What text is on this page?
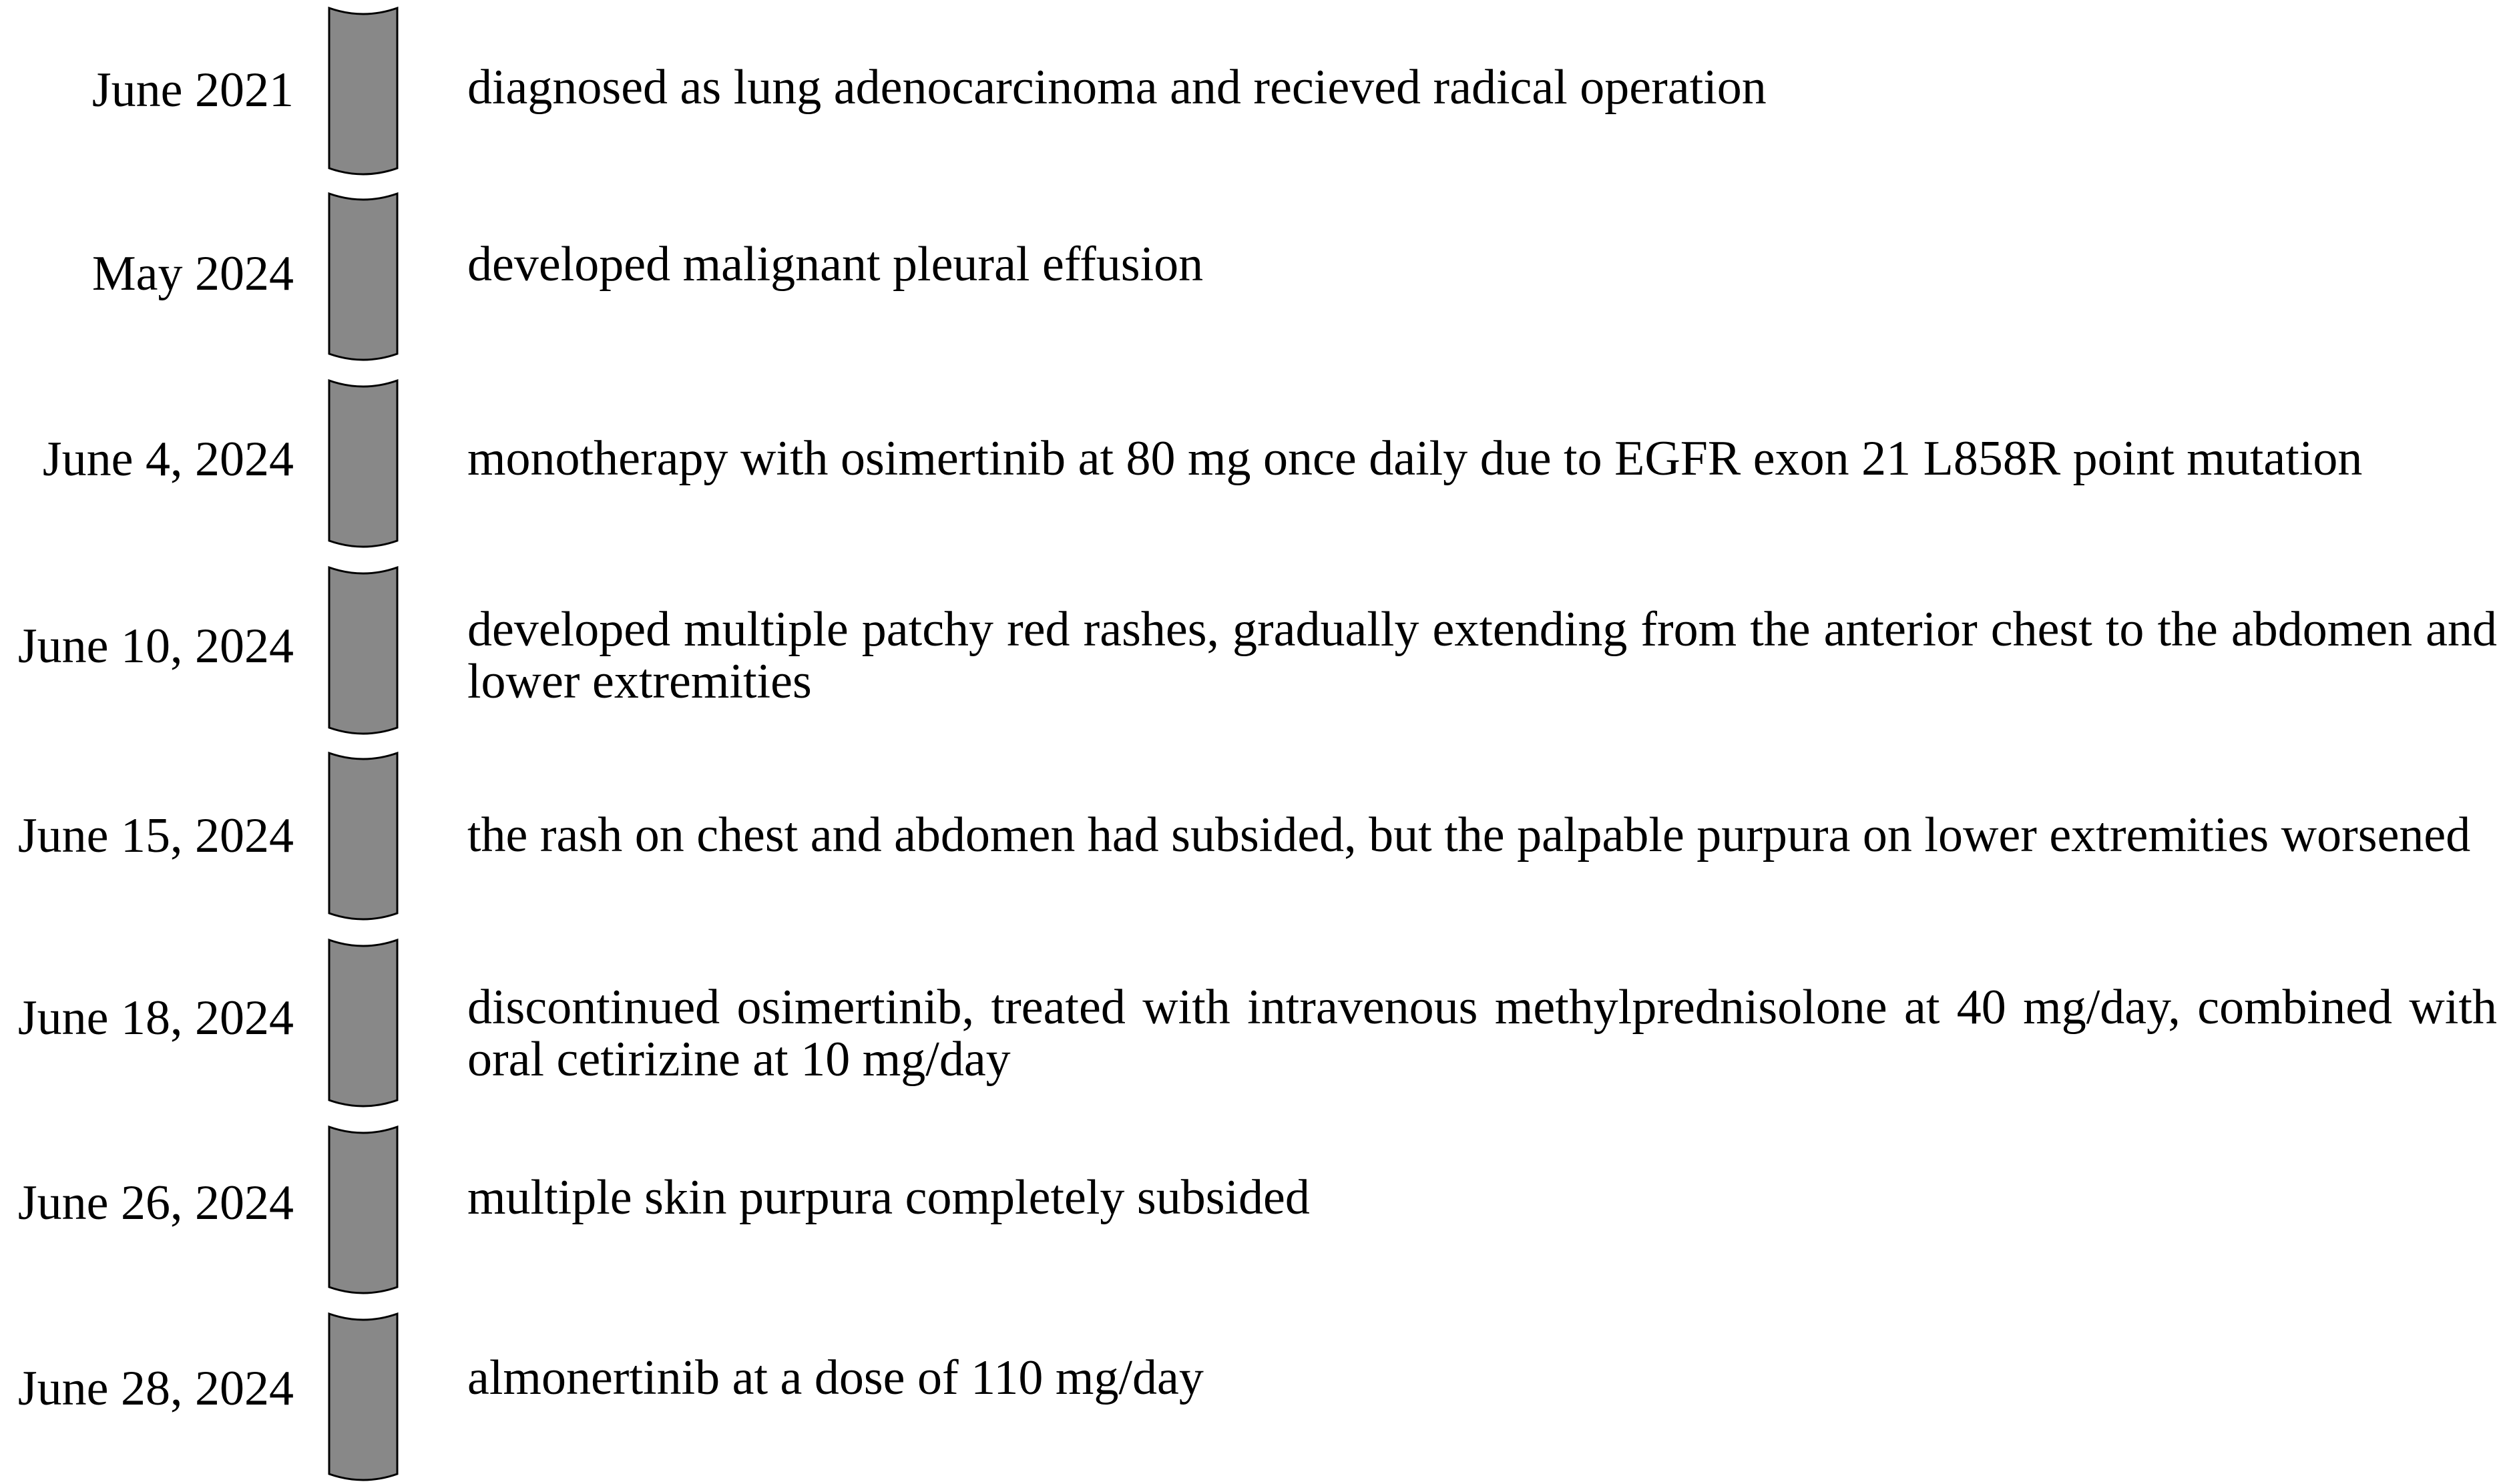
June 2021	diagnosed as lung adenocarcinoma and recieved radical operation
May 2024	developed malignant pleural effusion
June 4, 2024	monotherapy with osimertinib at 80 mg once daily due to EGFR exon 21 L858R point mutation
June 10, 2024	developed multiple patchy red rashes, gradually extending from the anterior chest to the abdomen and lower extremities
June 15, 2024	the rash on chest and abdomen had subsided, but the palpable purpura on lower extremities worsened
June 18, 2024	discontinued osimertinib, treated with intravenous methylprednisolone at 40 mg/day, combined with oral cetirizine at 10 mg/day
June 26, 2024	multiple skin purpura completely subsided
June 28, 2024	almonertinib at a dose of 110 mg/day
